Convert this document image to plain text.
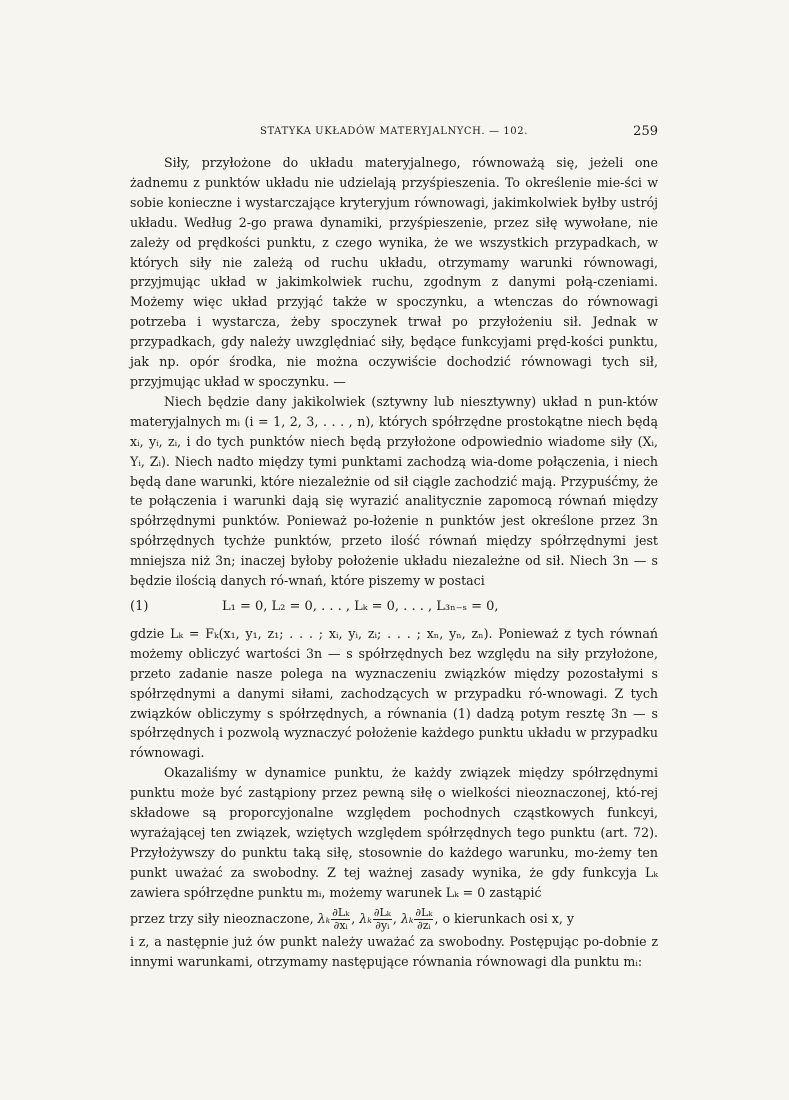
STATYKA UKŁADÓW MATERYJALNYCH. — 102.	259

Siły, przyłożone do układu materyjalnego, równoważą się, jeżeli one żadnemu z punktów układu nie udzielają przyśpieszenia. To określenie mie-ści w sobie konieczne i wystarczające kryteryjum równowagi, jakimkolwiek byłby ustrój układu. Według 2-go prawa dynamiki, przyśpieszenie, przez siłę wywołane, nie zależy od prędkości punktu, z czego wynika, że we wszystkich przypadkach, w których siły nie zależą od ruchu układu, otrzymamy warunki równowagi, przyjmując układ w jakimkolwiek ruchu, zgodnym z danymi połą-czeniami. Możemy więc układ przyjąć także w spoczynku, a wtenczas do równowagi potrzeba i wystarcza, żeby spoczynek trwał po przyłożeniu sił. Jednak w przypadkach, gdy należy uwzględniać siły, będące funkcyjami pręd-kości punktu, jak np. opór środka, nie można oczywiście dochodzić równowagi tych sił, przyjmując układ w spoczynku. —

Niech będzie dany jakikolwiek (sztywny lub niesztywny) układ n pun-któw materyjalnych mᵢ (i = 1, 2, 3, . . . , n), których spółrzędne prostokątne niech będą xᵢ, yᵢ, zᵢ, i do tych punktów niech będą przyłożone odpowiednio wiadome siły (Xᵢ, Yᵢ, Zᵢ). Niech nadto między tymi punktami zachodzą wia-dome połączenia, i niech będą dane warunki, które niezależnie od sił ciągle zachodzić mają. Przypuśćmy, że te połączenia i warunki dają się wyrazić analitycznie zapomocą równań między spółrzędnymi punktów. Ponieważ po-łożenie n punktów jest określone przez 3n spółrzędnych tychże punktów, przeto ilość równań między spółrzędnymi jest mniejsza niż 3n; inaczej byłoby położenie układu niezależne od sił. Niech 3n — s będzie ilością danych ró-wnań, które piszemy w postaci

(1)	L₁ = 0, L₂ = 0, . . . , Lₖ = 0, . . . , L₃ₙ₋ₛ = 0,

gdzie Lₖ = Fₖ(x₁, y₁, z₁; . . . ; xᵢ, yᵢ, zᵢ; . . . ; xₙ, yₙ, zₙ). Ponieważ z tych równań możemy obliczyć wartości 3n — s spółrzędnych bez względu na siły przyłożone, przeto zadanie nasze polega na wyznaczeniu związków między pozostałymi s spółrzędnymi a danymi siłami, zachodzących w przypadku ró-wnowagi. Z tych związków obliczymy s spółrzędnych, a równania (1) dadzą potym resztę 3n — s spółrzędnych i pozwolą wyznaczyć położenie każdego punktu układu w przypadku równowagi.

Okazaliśmy w dynamice punktu, że każdy związek między spółrzędnymi punktu może być zastąpiony przez pewną siłę o wielkości nieoznaczonej, któ-rej składowe są proporcyjonalne względem pochodnych cząstkowych funkcyi, wyrażającej ten związek, wziętych względem spółrzędnych tego punktu (art. 72). Przyłożywszy do punktu taką siłę, stosownie do każdego warunku, mo-żemy ten punkt uważać za swobodny. Z tej ważnej zasady wynika, że gdy funkcyja Lₖ zawiera spółrzędne punktu mᵢ, możemy warunek Lₖ = 0 zastąpić

przez trzy siły nieoznaczone, λₖ $\frac{\text{∂Lₖ}}{\text{∂xᵢ}}$ , λₖ $\frac{\text{∂Lₖ}}{\text{∂yᵢ}}$ , λₖ $\frac{\text{∂Lₖ}}{\text{∂zᵢ}}$ , o kierunkach osi x, y

i z, a następnie już ów punkt należy uważać za swobodny. Postępując po-dobnie z innymi warunkami, otrzymamy następujące równania równowagi dla punktu mᵢ:
